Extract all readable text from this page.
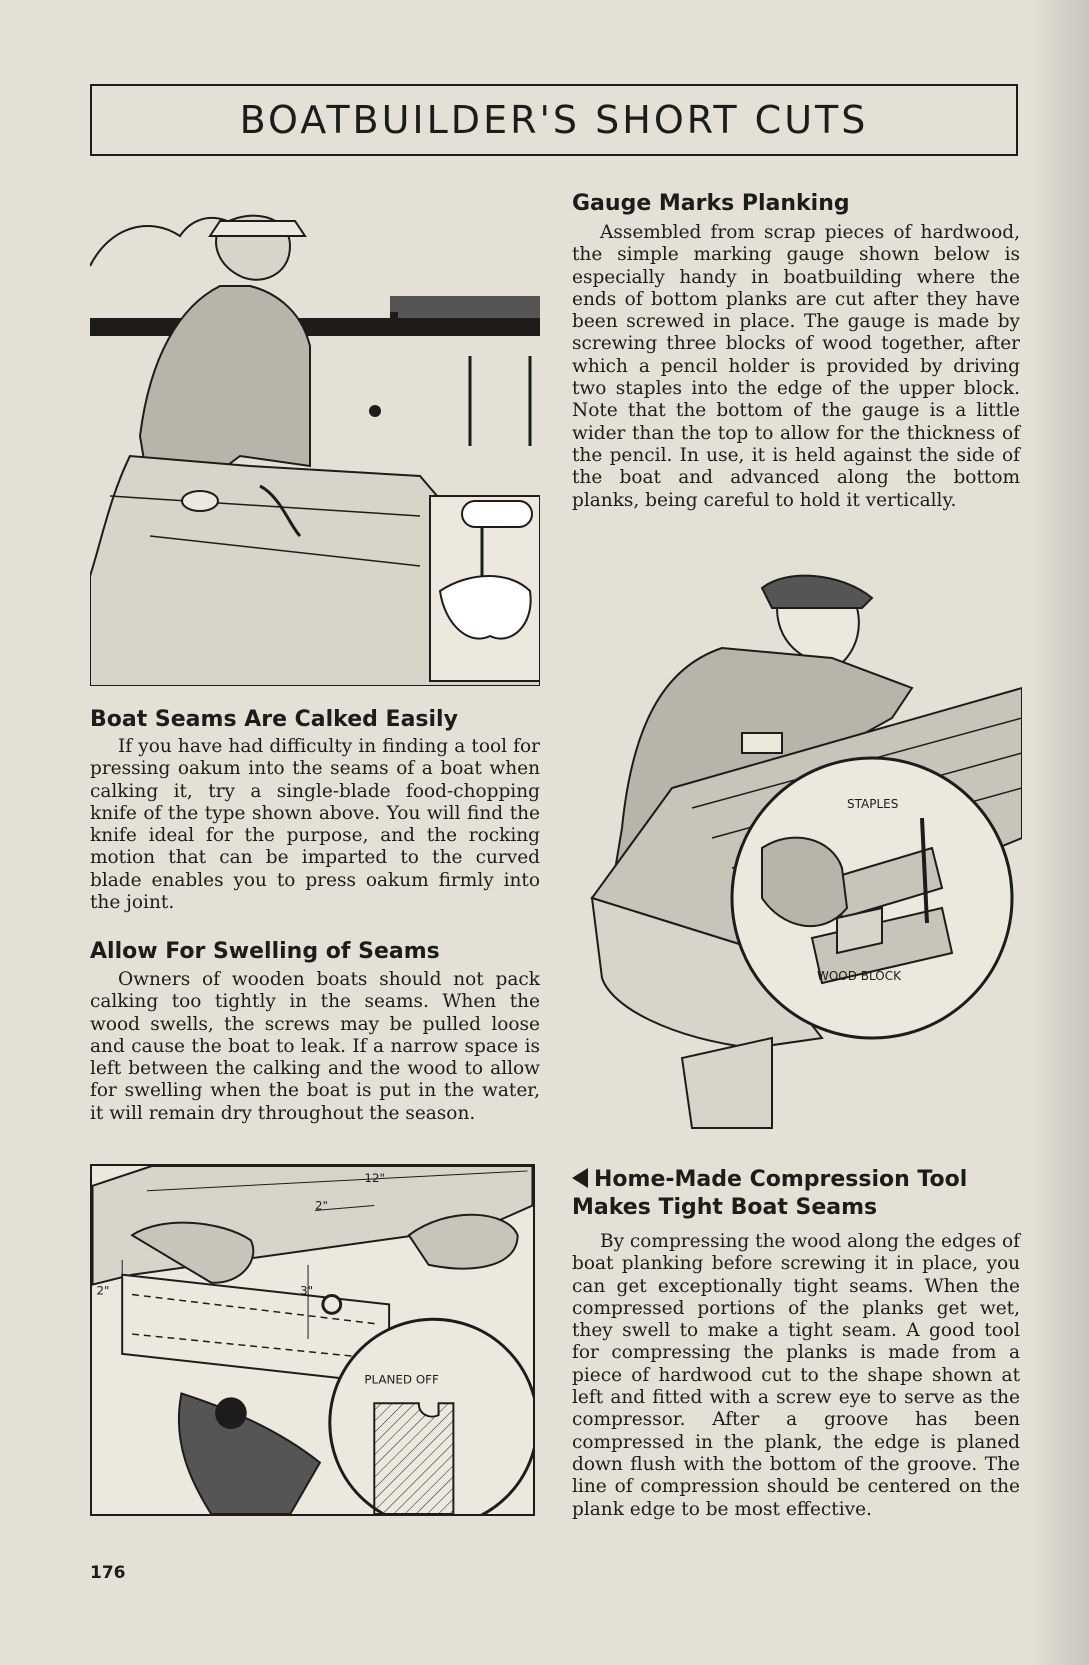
BOATBUILDER'S SHORT CUTS
Boat Seams Are Calked Easily

If you have had difficulty in finding a tool for pressing oakum into the seams of a boat when calking it, try a single-blade food-chopping knife of the type shown above. You will find the knife ideal for the purpose, and the rocking motion that can be imparted to the curved blade enables you to press oakum firmly into the joint.

Allow For Swelling of Seams

Owners of wooden boats should not pack calking too tightly in the seams. When the wood swells, the screws may be pulled loose and cause the boat to leak. If a narrow space is left between the calking and the wood to allow for swelling when the boat is put in the water, it will remain dry throughout the season.

12"
2"
2"	3"
PLANED OFF
176
Gauge Marks Planking

Assembled from scrap pieces of hardwood, the simple marking gauge shown below is especially handy in boatbuilding where the ends of bottom planks are cut after they have been screwed in place. The gauge is made by screwing three blocks of wood together, after which a pencil holder is provided by driving two staples into the edge of the upper block. Note that the bottom of the gauge is a little wider than the top to allow for the thickness of the pencil. In use, it is held against the side of the boat and advanced along the bottom planks, being careful to hold it vertically.

STAPLES
WOOD BLOCK
Home-Made Compression Tool
Makes Tight Boat Seams

By compressing the wood along the edges of boat planking before screwing it in place, you can get exceptionally tight seams. When the compressed portions of the planks get wet, they swell to make a tight seam. A good tool for compressing the planks is made from a piece of hardwood cut to the shape shown at left and fitted with a screw eye to serve as the compressor. After a groove has been compressed in the plank, the edge is planed down flush with the bottom of the groove. The line of compression should be centered on the plank edge to be most effective.
